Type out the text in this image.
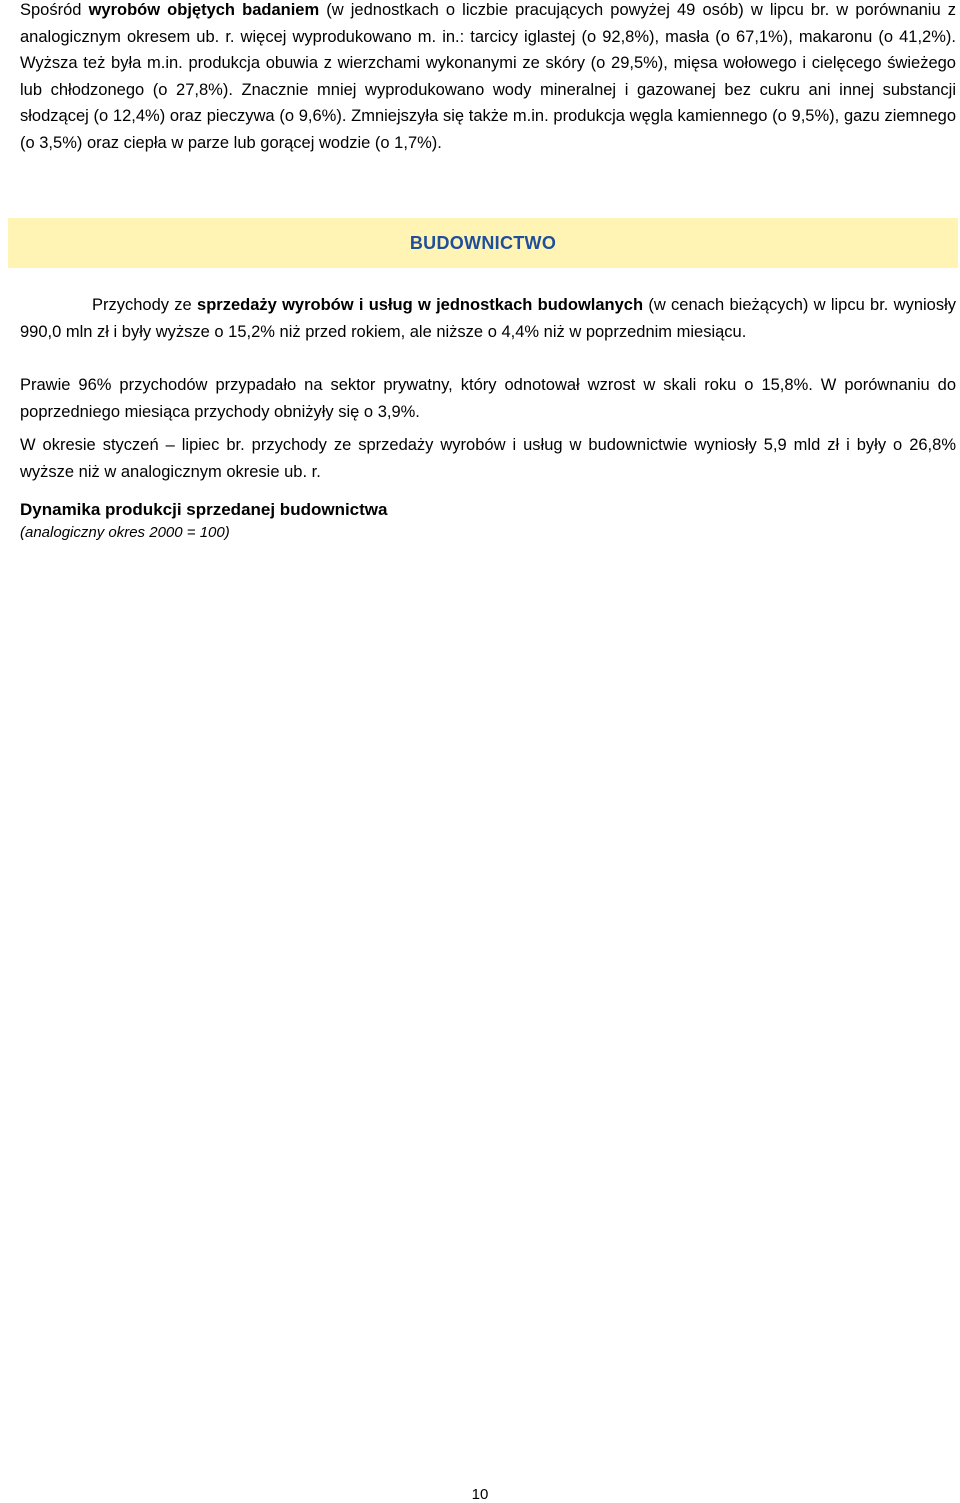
Spośród wyrobów objętych badaniem (w jednostkach o liczbie pracujących powyżej 49 osób) w lipcu br. w porównaniu z analogicznym okresem ub. r. więcej wyprodukowano m. in.: tarcicy iglastej (o 92,8%), masła (o 67,1%), makaronu (o 41,2%). Wyższa też była m.in. produkcja obuwia z wierzchami wykonanymi ze skóry (o 29,5%), mięsa wołowego i cielęcego świeżego lub chłodzonego (o 27,8%). Znacznie mniej wyprodukowano wody mineralnej i gazowanej bez cukru ani innej substancji słodzącej (o 12,4%) oraz pieczywa (o 9,6%). Zmniejszyła się także m.in. produkcja węgla kamiennego (o 9,5%), gazu ziemnego (o 3,5%) oraz ciepła w parze lub gorącej wodzie (o 1,7%).

BUDOWNICTWO

Przychody ze sprzedaży wyrobów i usług w jednostkach budowlanych (w cenach bieżących) w lipcu br. wyniosły 990,0 mln zł i były wyższe o 15,2% niż przed rokiem, ale niższe o 4,4% niż w poprzednim miesiącu.

Prawie 96% przychodów przypadało na sektor prywatny, który odnotował wzrost w skali roku o 15,8%. W porównaniu do poprzedniego miesiąca przychody obniżyły się o 3,9%.

W okresie styczeń – lipiec br. przychody ze sprzedaży wyrobów i usług w budownictwie wyniosły 5,9 mld zł i były o 26,8% wyższe niż w analogicznym okresie ub. r.

Dynamika produkcji sprzedanej budownictwa
(analogiczny okres 2000 = 100)
10
